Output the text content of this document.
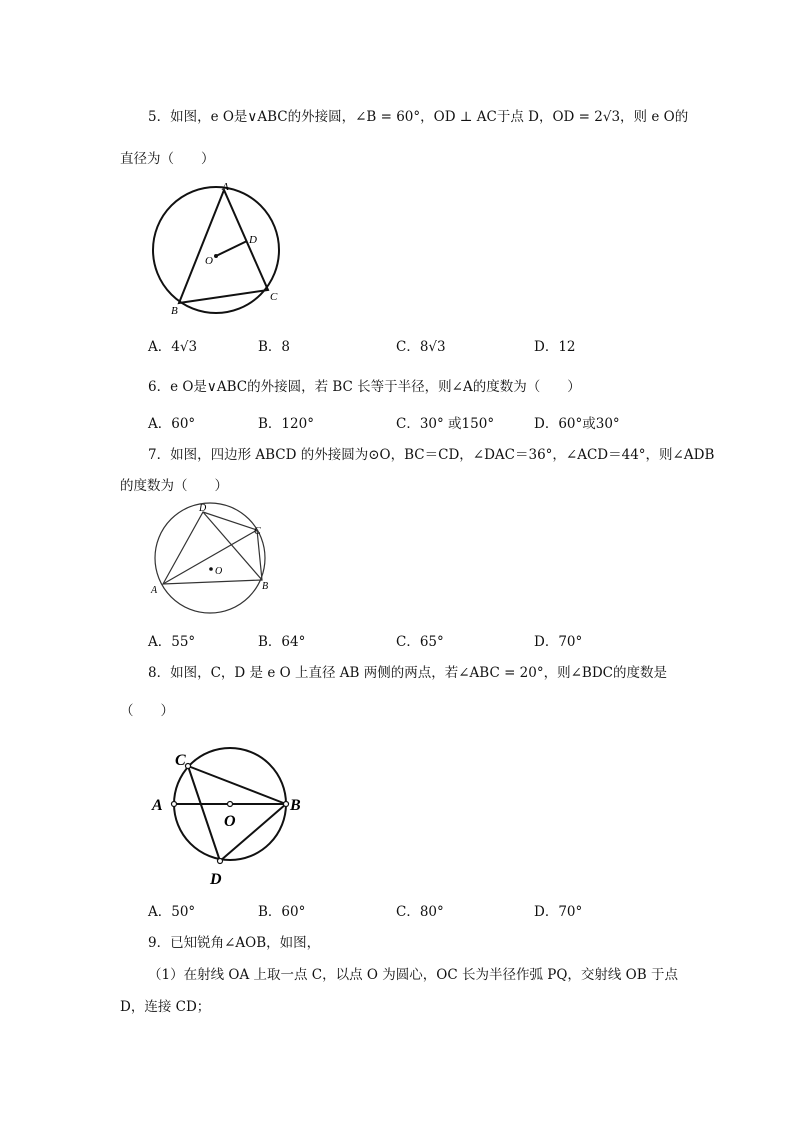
5．如图，e O是∨ABC的外接圆，∠B = 60°，OD ⊥ AC于点 D，OD = 2√3，则 e O的
直径为（　　）
A
B
C
D
O
A．4√3	B．8	C．8√3	D．12
6．e O是∨ABC的外接圆，若 BC 长等于半径，则∠A的度数为（　　）
A．60°	B．120°	C．30° 或150°	D．60°或30°
7．如图，四边形 ABCD 的外接圆为⊙O，BC＝CD，∠DAC＝36°，∠ACD＝44°，则∠ADB
的度数为（　　）
A	B
C
D
O
A．55°	B．64°	C．65°	D．70°
8．如图，C，D 是 e O 上直径 AB 两侧的两点，若∠ABC = 20°，则∠BDC的度数是
（　　）
A	B
C
D
O
A．50°	B．60°	C．80°	D．70°
9．已知锐角∠AOB，如图，
（1）在射线 OA 上取一点 C，以点 O 为圆心，OC 长为半径作弧 PQ，交射线 OB 于点
D，连接 CD；
